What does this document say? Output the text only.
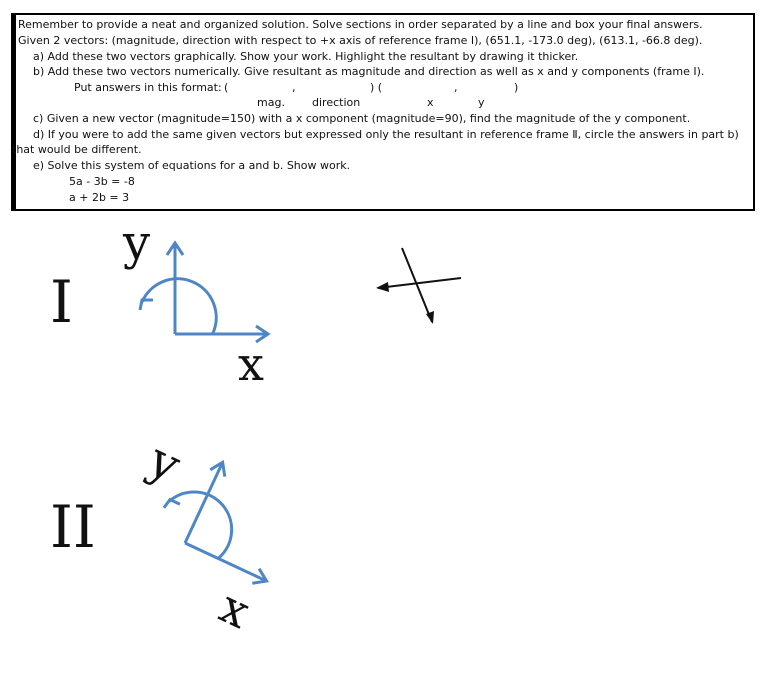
Remember to provide a neat and organized solution. Solve sections in order separated by a line and box your final answers.
Given 2 vectors: (magnitude, direction with respect to +x axis of reference frame Ⅰ), (651.1, -173.0 deg), (613.1, -66.8 deg).
a) Add these two vectors graphically. Show your work. Highlight the resultant by drawing it thicker.
b) Add these two vectors numerically. Give resultant as magnitude and direction as well as x and y components (frame Ⅰ).
Put answers in this format: (	,	) (	,	)
mag. direction	x	y
c) Given a new vector (magnitude=150) with a x component (magnitude=90), find the magnitude of the y component.
d) If you were to add the same given vectors but expressed only the resultant in reference frame Ⅱ, circle the answers in part b)
that would be different.
e) Solve this system of equations for a and b. Show work.
5a - 3b = -8
a + 2b = 3
I
y
x
II
y
x
